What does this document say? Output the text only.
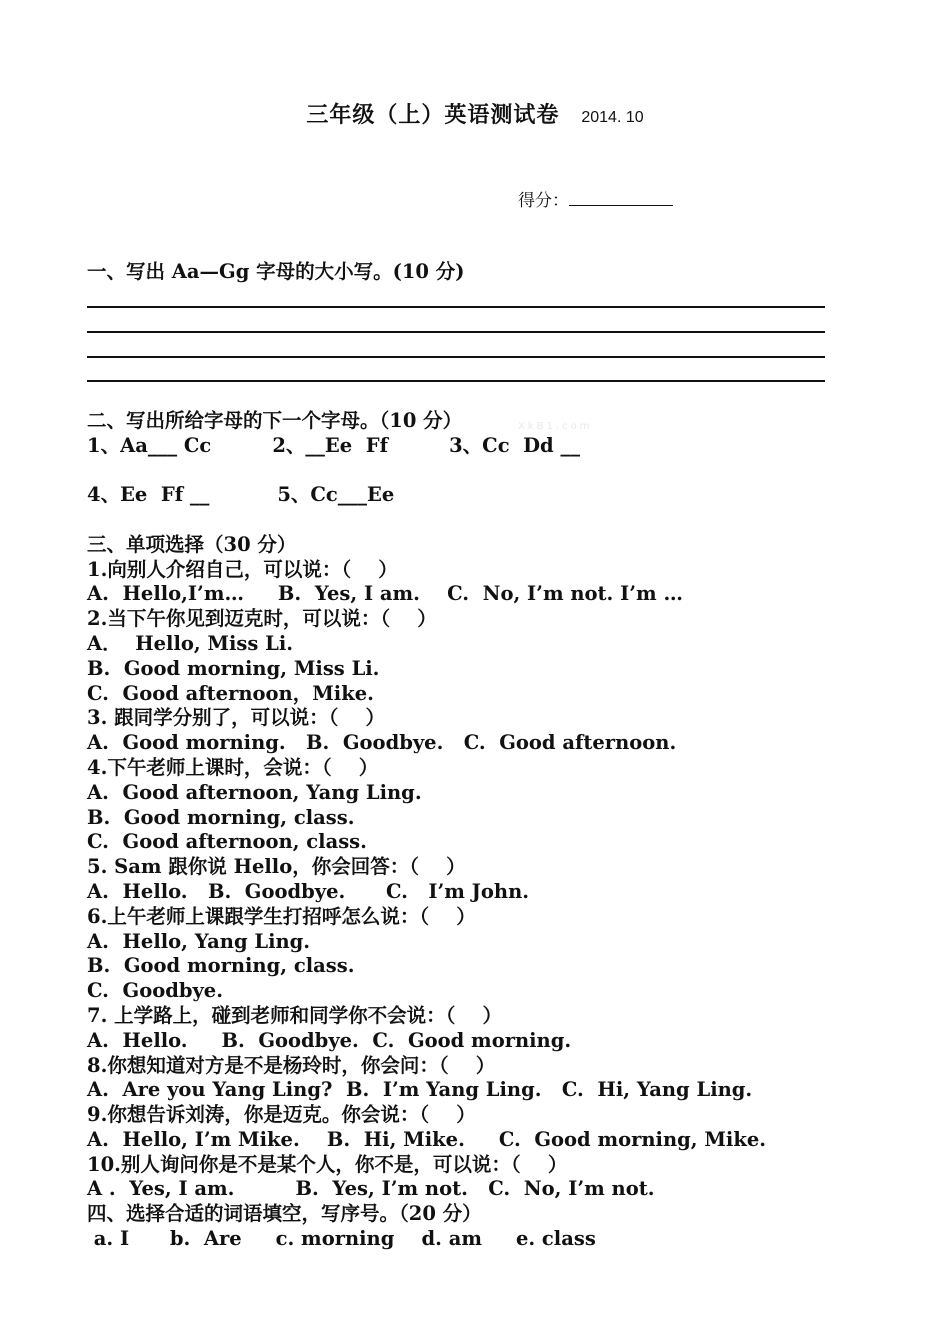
三年级（上）英语测试卷 2014. 10
得分：
XkB1.com
一、写出 Aa—Gg 字母的大小写。(10 分)
二、写出所给字母的下一个字母。（10 分）
1、Aa___ Cc         2、__Ee  Ff         3、Cc  Dd __
4、Ee  Ff __          5、Cc___Ee
三、单项选择（30 分）
1.向别人介绍自己，可以说：（    ）
A.  Hello,I’m…     B.  Yes, I am.    C.  No, I’m not. I’m …
2.当下午你见到迈克时，可以说：（    ）
A．  Hello, Miss Li.
B.  Good morning, Miss Li.
C.  Good afternoon，Mike.
3. 跟同学分别了，可以说：（    ）
A.  Good morning.   B.  Goodbye.   C.  Good afternoon.
4.下午老师上课时，会说：（    ）
A.  Good afternoon, Yang Ling.
B.  Good morning, class.
C.  Good afternoon, class.
5. Sam 跟你说 Hello，你会回答：（    ）
A.  Hello.   B.  Goodbye.      C.   I’m John.
6.上午老师上课跟学生打招呼怎么说：（    ）
A.  Hello, Yang Ling.
B.  Good morning, class.
C.  Goodbye.
7. 上学路上，碰到老师和同学你不会说：（    ）
A.  Hello.     B.  Goodbye.  C.  Good morning.
8.你想知道对方是不是杨玲时，你会问：（    ）
A.  Are you Yang Ling?  B.  I’m Yang Ling.   C.  Hi, Yang Ling.
9.你想告诉刘涛，你是迈克。你会说：（    ）
A.  Hello, I’m Mike.    B.  Hi, Mike.     C.  Good morning, Mike.
10.别人询问你是不是某个人，你不是，可以说：（    ）
A .  Yes, I am.         B.  Yes, I’m not.   C.  No, I’m not.
四、选择合适的词语填空，写序号。（20 分）
a. I      b.  Are     c. morning    d. am     e. class
